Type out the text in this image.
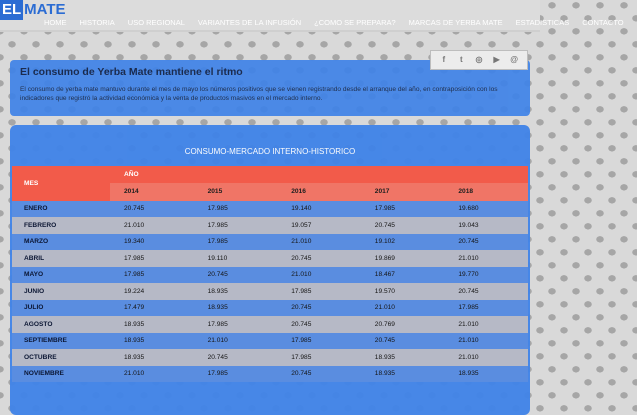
EL MATE
HOME HISTORIA USO REGIONAL VARIANTES DE LA INFUSIÓN ¿COMO SE PREPARA? MARCAS DE YERBA MATE ESTADISTICAS CONTACTO
El consumo de Yerba Mate mantiene el ritmo

El consumo de yerba mate mantuvo durante el mes de mayo los números positivos que se vienen registrando desde el arranque del año, en contraposición con los indicadores que registró la actividad económica y la venta de productos masivos en el mercado interno.

f	t	◎ ▶ @
CONSUMO-MERCADO INTERNO-HISTORICO
MES	AÑO				
	2014	2015	2016	2017	2018
ENERO	20.745	17.985	19.140	17.985	19.680
FEBRERO	21.010	17.985	19.057	20.745	19.043
MARZO	19.340	17.985	21.010	19.102	20.745
ABRIL	17.985	19.110	20.745	19.869	21.010
MAYO	17.985	20.745	21.010	18.467	19.770
JUNIO	19.224	18.935	17.985	19.570	20.745
JULIO	17.479	18.935	20.745	21.010	17.985
AGOSTO	18.935	17.985	20.745	20.769	21.010
SEPTIEMBRE	18.935	21.010	17.985	20.745	21.010
OCTUBRE	18.935	20.745	17.985	18.935	21.010
NOVIEMBRE	21.010	17.985	20.745	18.935	18.935
